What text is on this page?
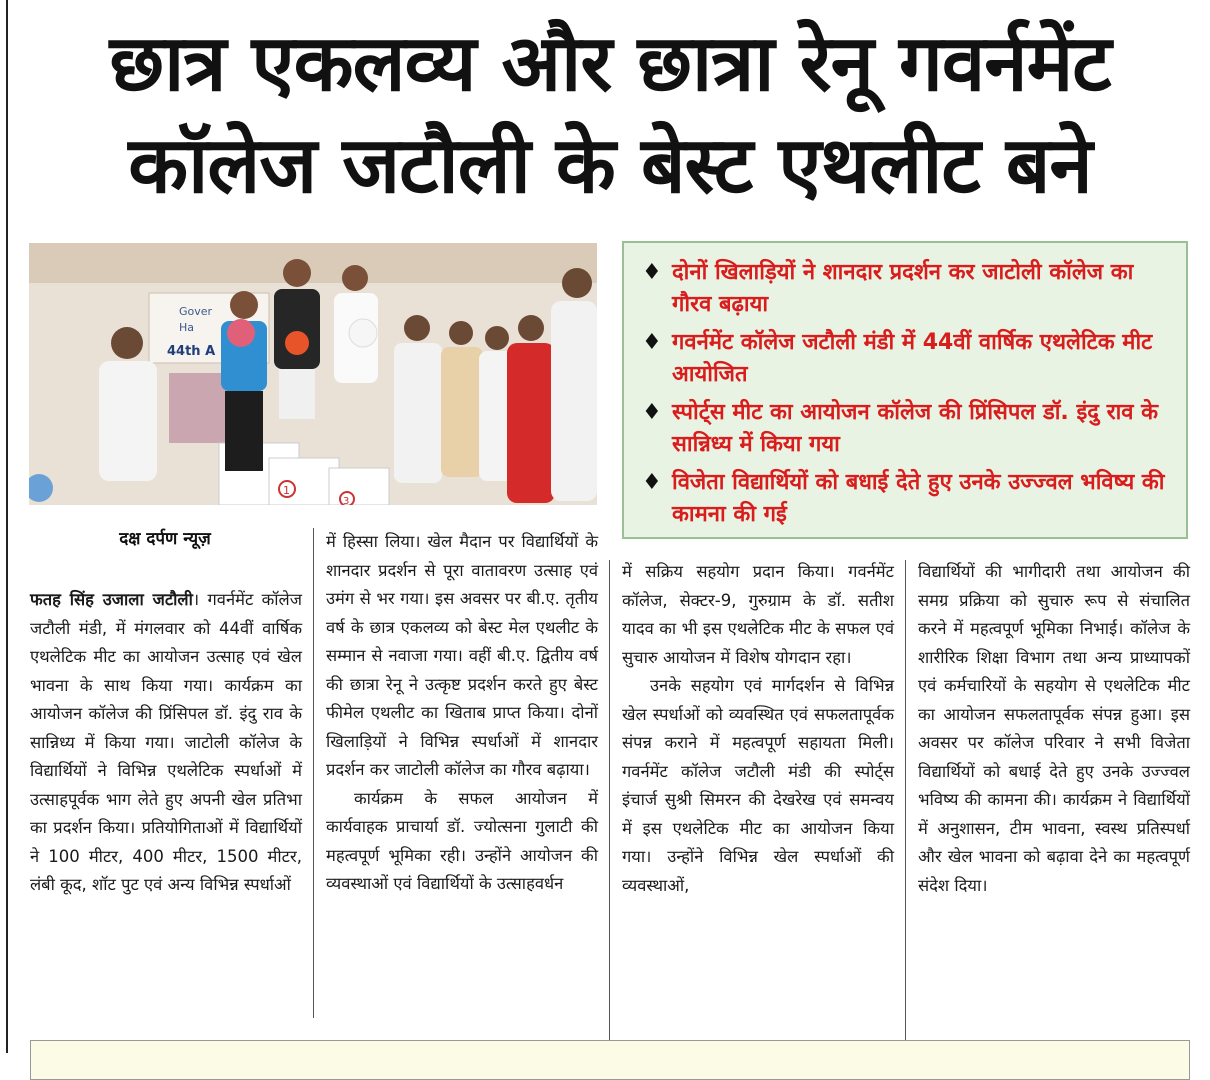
छात्र एकलव्य और छात्रा रेनू गवर्नमेंट
कॉलेज जटौली के बेस्ट एथलीट बने
Gover
Ha
44th A
1
3
♦ दोनों खिलाड़ियों ने शानदार प्रदर्शन कर जाटोली कॉलेज का गौरव बढ़ाया
♦ गवर्नमेंट कॉलेज जटौली मंडी में 44वीं वार्षिक एथलेटिक मीट आयोजित
♦ स्पोर्ट्स मीट का आयोजन कॉलेज की प्रिंसिपल डॉ. इंदु राव के सान्निध्य में किया गया
♦ विजेता विद्यार्थियों को बधाई देते हुए उनके उज्ज्वल भविष्य की कामना की गई
दक्ष दर्पण न्यूज़

फतह सिंह उजाला जटौली। गवर्नमेंट कॉलेज जटौली मंडी, में मंगलवार को 44वीं वार्षिक एथलेटिक मीट का आयोजन उत्साह एवं खेल भावना के साथ किया गया। कार्यक्रम का आयोजन कॉलेज की प्रिंसिपल डॉ. इंदु राव के सान्निध्य में किया गया। जाटोली कॉलेज के विद्यार्थियों ने विभिन्न एथलेटिक स्पर्धाओं में उत्साहपूर्वक भाग लेते हुए अपनी खेल प्रतिभा का प्रदर्शन किया। प्रतियोगिताओं में विद्यार्थियों ने 100 मीटर, 400 मीटर, 1500 मीटर, लंबी कूद, शॉट पुट एवं अन्य विभिन्न स्पर्धाओं

में हिस्सा लिया। खेल मैदान पर विद्यार्थियों के शानदार प्रदर्शन से पूरा वातावरण उत्साह एवं उमंग से भर गया। इस अवसर पर बी.ए. तृतीय वर्ष के छात्र एकलव्य को बेस्ट मेल एथलीट के सम्मान से नवाजा गया। वहीं बी.ए. द्वितीय वर्ष की छात्रा रेनू ने उत्कृष्ट प्रदर्शन करते हुए बेस्ट फीमेल एथलीट का खिताब प्राप्त किया। दोनों खिलाड़ियों ने विभिन्न स्पर्धाओं में शानदार प्रदर्शन कर जाटोली कॉलेज का गौरव बढ़ाया।

कार्यक्रम के सफल आयोजन में कार्यवाहक प्राचार्या डॉ. ज्योत्सना गुलाटी की महत्वपूर्ण भूमिका रही। उन्होंने आयोजन की व्यवस्थाओं एवं विद्यार्थियों के उत्साहवर्धन

में सक्रिय सहयोग प्रदान किया। गवर्नमेंट कॉलेज, सेक्टर-9, गुरुग्राम के डॉ. सतीश यादव का भी इस एथलेटिक मीट के सफल एवं सुचारु आयोजन में विशेष योगदान रहा।

उनके सहयोग एवं मार्गदर्शन से विभिन्न खेल स्पर्धाओं को व्यवस्थित एवं सफलतापूर्वक संपन्न कराने में महत्वपूर्ण सहायता मिली। गवर्नमेंट कॉलेज जटौली मंडी की स्पोर्ट्स इंचार्ज सुश्री सिमरन की देखरेख एवं समन्वय में इस एथलेटिक मीट का आयोजन किया गया। उन्होंने विभिन्न खेल स्पर्धाओं की व्यवस्थाओं,

विद्यार्थियों की भागीदारी तथा आयोजन की समग्र प्रक्रिया को सुचारु रूप से संचालित करने में महत्वपूर्ण भूमिका निभाई। कॉलेज के शारीरिक शिक्षा विभाग तथा अन्य प्राध्यापकों एवं कर्मचारियों के सहयोग से एथलेटिक मीट का आयोजन सफलतापूर्वक संपन्न हुआ। इस अवसर पर कॉलेज परिवार ने सभी विजेता विद्यार्थियों को बधाई देते हुए उनके उज्ज्वल भविष्य की कामना की। कार्यक्रम ने विद्यार्थियों में अनुशासन, टीम भावना, स्वस्थ प्रतिस्पर्धा और खेल भावना को बढ़ावा देने का महत्वपूर्ण संदेश दिया।
